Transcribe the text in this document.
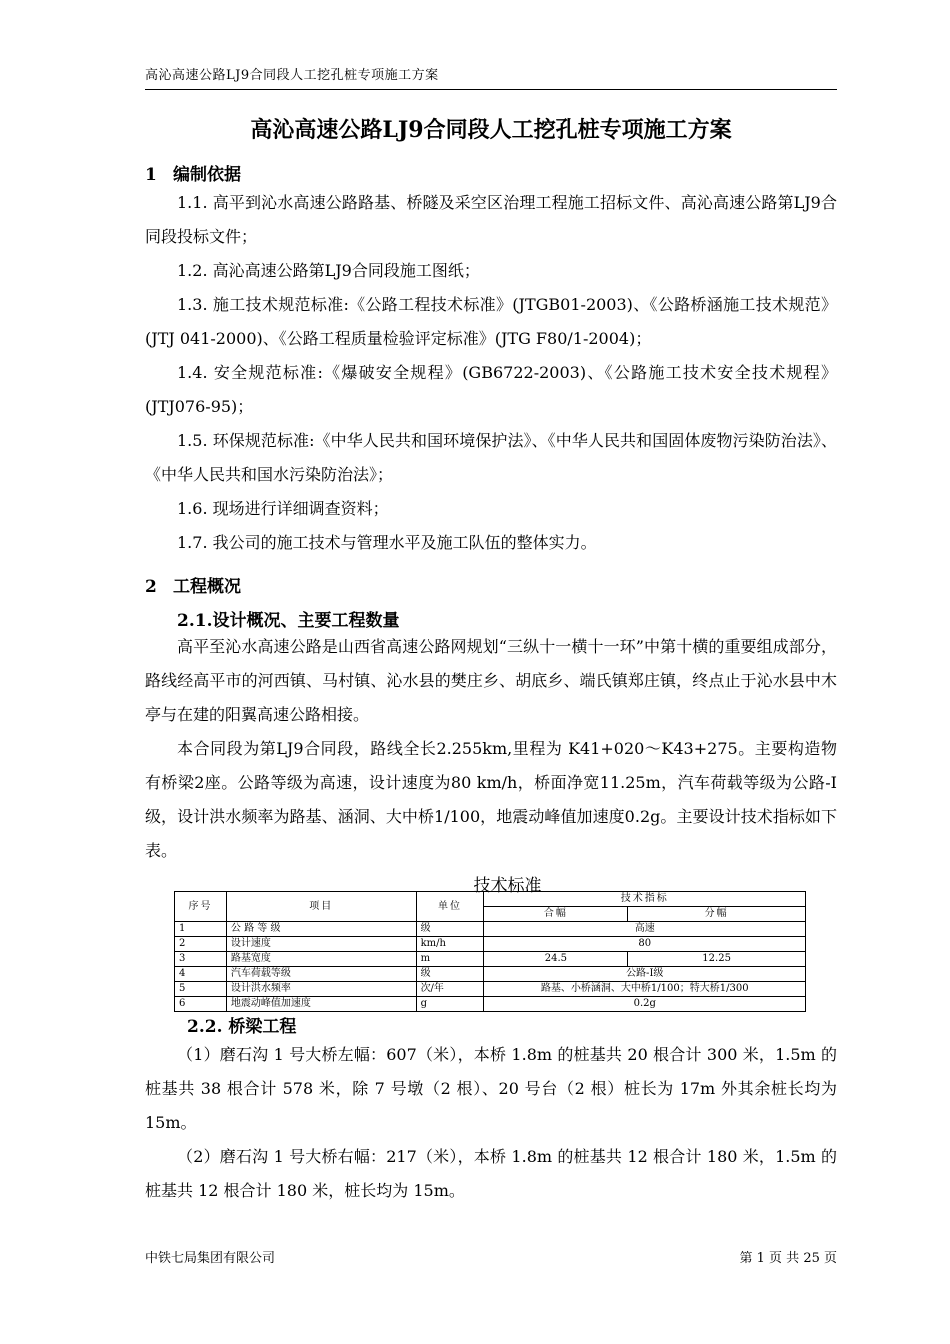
高沁高速公路LJ9合同段人工挖孔桩专项施工方案
高沁高速公路LJ9合同段人工挖孔桩专项施工方案
1 编制依据

1.1. 高平到沁水高速公路路基、桥隧及采空区治理工程施工招标文件、高沁高速公路第LJ9合同段投标文件；

1.2. 高沁高速公路第LJ9合同段施工图纸；

1.3. 施工技术规范标准:《公路工程技术标准》(JTGB01-2003)、《公路桥涵施工技术规范》(JTJ 041-2000)、《公路工程质量检验评定标准》(JTG F80/1-2004)；

1.4. 安全规范标准:《爆破安全规程》(GB6722-2003)、《公路施工技术安全技术规程》(JTJ076-95)；

1.5. 环保规范标准:《中华人民共和国环境保护法》、《中华人民共和国固体废物污染防治法》、《中华人民共和国水污染防治法》；

1.6. 现场进行详细调查资料；

1.7. 我公司的施工技术与管理水平及施工队伍的整体实力。

2 工程概况
2.1.设计概况、主要工程数量

高平至沁水高速公路是山西省高速公路网规划“三纵十一横十一环”中第十横的重要组成部分，路线经高平市的河西镇、马村镇、沁水县的樊庄乡、胡底乡、端氏镇郑庄镇，终点止于沁水县中木亭与在建的阳翼高速公路相接。

本合同段为第LJ9合同段，路线全长2.255km,里程为 K41+020～K43+275。主要构造物有桥梁2座。公路等级为高速，设计速度为80 km/h，桥面净宽11.25m，汽车荷载等级为公路-I级，设计洪水频率为路基、涵洞、大中桥1/100，地震动峰值加速度0.2g。主要设计技术指标如下表。

技术标准
序号	项目	单位	技术指标	
			合幅	分幅
1	公 路 等 级	级	高速	
2	设计速度	km/h	80	
3	路基宽度	m	24.5	12.25
4	汽车荷载等级	级	公路-I级	
5	设计洪水频率	次/年	路基、小桥涵洞、大中桥1/100；特大桥1/300	
6	地震动峰值加速度	g	0.2g	
2.2. 桥梁工程

（1）磨石沟 1 号大桥左幅：607（米），本桥 1.8m 的桩基共 20 根合计 300 米，1.5m 的桩基共 38 根合计 578 米，除 7 号墩（2 根）、20 号台（2 根）桩长为 17m 外其余桩长均为 15m。

（2）磨石沟 1 号大桥右幅：217（米），本桥 1.8m 的桩基共 12 根合计 180 米，1.5m 的桩基共 12 根合计 180 米，桩长均为 15m。

中铁七局集团有限公司	第 1 页 共 25 页
